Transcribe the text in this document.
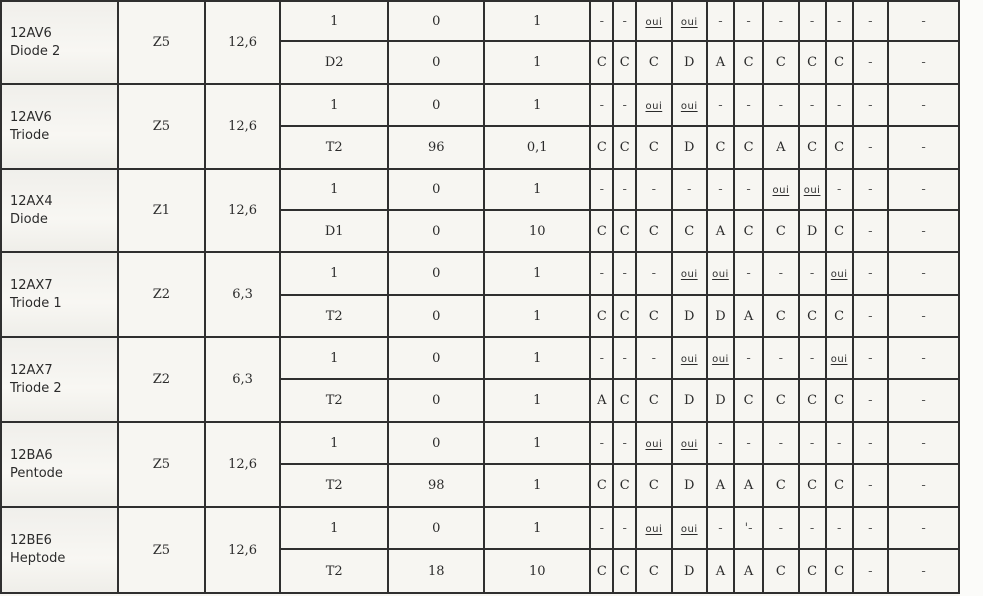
12AV6
Diode 2	Z5	12,6	1	0	1	-	-	oui	oui	-	-	-	-	-	-	-
			D2	0	1	C	C	C	D	A	C	C	C	C	-	-

12AV6
Triode	Z5	12,6	1	0	1	-	-	oui	oui	-	-	-	-	-	-	-
			T2	96	0,1	C	C	C	D	C	C	A	C	C	-	-

12AX4
Diode	Z1	12,6	1	0	1	-	-	-	-	-	-	oui	oui	-	-	-
			D1	0	10	C	C	C	C	A	C	C	D	C	-	-

12AX7
Triode 1	Z2	6,3	1	0	1	-	-	-	oui	oui	-	-	-	oui	-	-
			T2	0	1	C	C	C	D	D	A	C	C	C	-	-

12AX7
Triode 2	Z2	6,3	1	0	1	-	-	-	oui	oui	-	-	-	oui	-	-
			T2	0	1	A	C	C	D	D	C	C	C	C	-	-

12BA6
Pentode	Z5	12,6	1	0	1	-	-	oui	oui	-	-	-	-	-	-	-
			T2	98	1	C	C	C	D	A	A	C	C	C	-	-

12BE6
Heptode	Z5	12,6	1	0	1	-	-	oui	oui	-	'-	-	-	-	-	-
			T2	18	10	C	C	C	D	A	A	C	C	C	-	-
